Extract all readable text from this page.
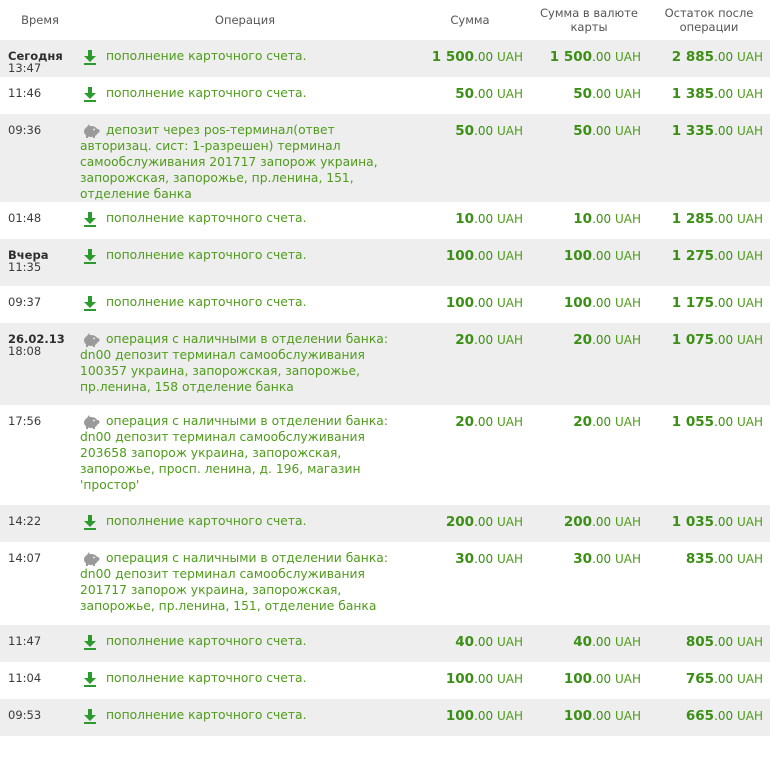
Время	Операция	Сумма	Сумма в валюте карты	Остаток после операции

Сегодня
13:47	пополнение карточного счета.	1 500.00 UAH	1 500.00 UAH	2 885.00 UAH

11:46	пополнение карточного счета.	50.00 UAH	50.00 UAH	1 385.00 UAH

09:36	депозит через pos-терминал(ответ авторизац. сист: 1-разрешен) терминал самообслуживания 201717 запорож украина, запорожская, запорожье, пр.ленина, 151, отделение банка	50.00 UAH	50.00 UAH	1 335.00 UAH

01:48	пополнение карточного счета.	10.00 UAH	10.00 UAH	1 285.00 UAH

Вчера
11:35	пополнение карточного счета.	100.00 UAH	100.00 UAH	1 275.00 UAH

09:37	пополнение карточного счета.	100.00 UAH	100.00 UAH	1 175.00 UAH

26.02.13
18:08	операция с наличными в отделении банка: dn00 депозит терминал самообслуживания 100357 украина, запорожская, запорожье, пр.ленина, 158 отделение банка	20.00 UAH	20.00 UAH	1 075.00 UAH

17:56	операция с наличными в отделении банка: dn00 депозит терминал самообслуживания 203658 запорож украина, запорожская, запорожье, просп. ленина, д. 196, магазин 'простор'	20.00 UAH	20.00 UAH	1 055.00 UAH

14:22	пополнение карточного счета.	200.00 UAH	200.00 UAH	1 035.00 UAH

14:07	операция с наличными в отделении банка: dn00 депозит терминал самообслуживания 201717 запорож украина, запорожская, запорожье, пр.ленина, 151, отделение банка	30.00 UAH	30.00 UAH	835.00 UAH

11:47	пополнение карточного счета.	40.00 UAH	40.00 UAH	805.00 UAH

11:04	пополнение карточного счета.	100.00 UAH	100.00 UAH	765.00 UAH

09:53	пополнение карточного счета.	100.00 UAH	100.00 UAH	665.00 UAH
